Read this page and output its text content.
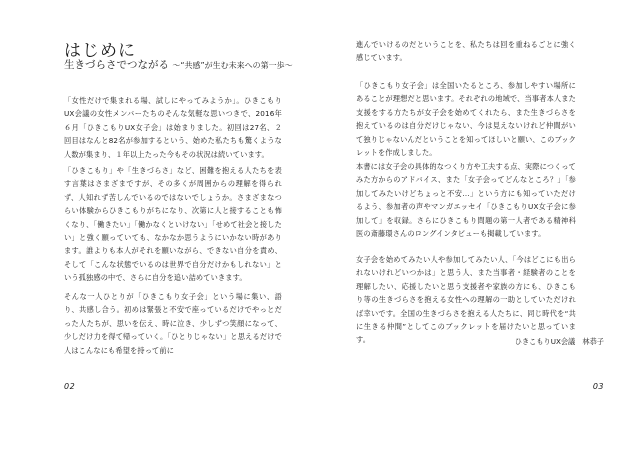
はじめに
生きづらさでつながる 〜“共感”が生む未来への第一歩〜

「女性だけで集まれる場、試しにやってみようか」。ひきこもりUX会議の女性メンバーたちのそんな気軽な思いつきで、2016年６月「ひきこもりUX女子会」は始まりました。初回は27名、２回目はなんと82名が参加するという、始めた私たちも驚くような人数が集まり、１年以上たった今もその状況は続いています。

「ひきこもり」や「生きづらさ」など、困難を抱える人たちを表す言葉はさまざまですが、その多くが周囲からの理解を得られず、人知れず苦しんでいるのではないでしょうか。さまざまなつらい体験からひきこもりがちになり、次第に人と接することも怖くなり、「働きたい」「働かなくといけない」「せめて社会と接したい」と強く願っていても、なかなか思うようにいかない時があります。誰よりも本人がそれを願いながら、できない自分を責め、そして「こんな状態でいるのは世界で自分だけかもしれない」という孤独感の中で、さらに自分を追い詰めていきます。

そんな一人ひとりが「ひきこもり女子会」という場に集い、語り、共感し合う。初めは緊張と不安で座っているだけでやっとだった人たちが、思いを伝え、時に泣き、少しずつ笑顔になって、少しだけ力を得て帰っていく。「ひとりじゃない」と思えるだけで人はこんなにも希望を持って前に

02

進んでいけるのだということを、私たちは回を重ねるごとに強く感じています。

「ひきこもり女子会」は全国いたるところ、参加しやすい場所にあることが理想だと思います。それぞれの地域で、当事者本人また支援をする方たちが女子会を始めてくれたら、また生きづらさを抱えているのは自分だけじゃない、今は見えないけれど仲間がいて独りじゃないんだということを知ってほしいと願い、このブックレットを作成しました。

本書には女子会の具体的なつくり方や工夫する点、実際につくってみた方からのアドバイス、また「女子会ってどんなところ？」「参加してみたいけどちょっと不安…」という方にも知っていただけるよう、参加者の声やマンガエッセイ「ひきこもりUX女子会に参加して」を収録。さらにひきこもり問題の第一人者である精神科医の斎藤環さんのロングインタビューも掲載しています。

女子会を始めてみたい人や参加してみたい人、「今はどこにも出られないけれどいつかは」と思う人、また当事者・経験者のことを理解したい、応援したいと思う支援者や家族の方にも、ひきこもり等の生きづらさを抱える女性への理解の一助としていただければ幸いです。全国の生きづらさを抱える人たちに、同じ時代を“共に生きる仲間”としてこのブックレットを届けたいと思っています。	ひきこもりUX会議　林恭子

03
